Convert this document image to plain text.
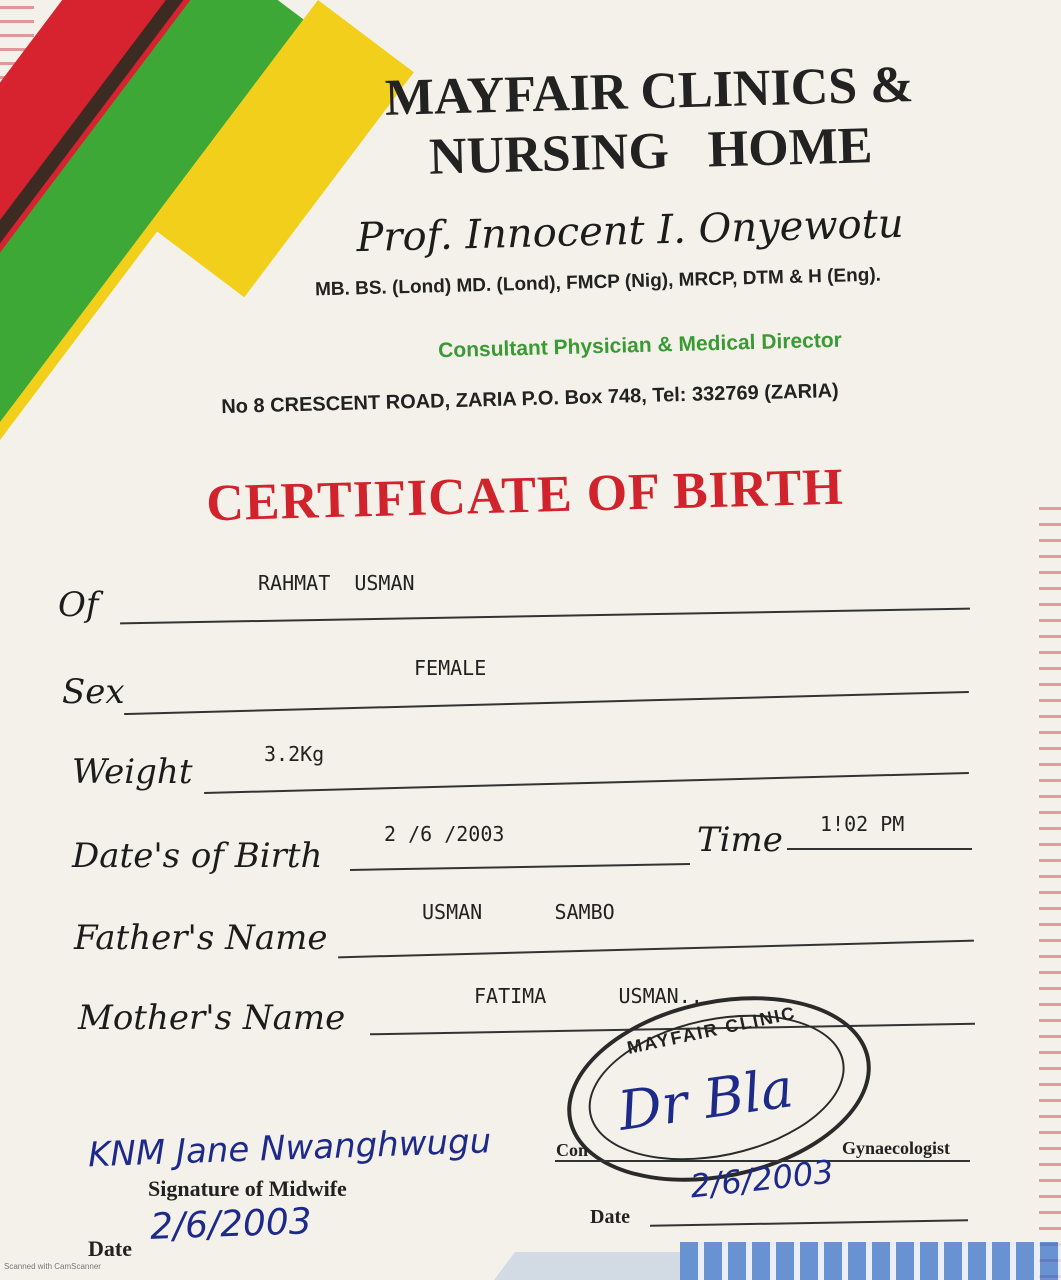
MAYFAIR CLINICS &
NURSING   HOME
Prof. Innocent I. Onyewotu
MB. BS. (Lond) MD. (Lond), FMCP (Nig), MRCP, DTM & H (Eng).
Consultant Physician & Medical Director
No 8 CRESCENT ROAD, ZARIA P.O. Box 748, Tel: 332769 (ZARIA)
CERTIFICATE OF BIRTH
Of
RAHMAT  USMAN
Sex
FEMALE
Weight	3.2Kg
Date's of Birth
2 /6 /2003	Time 1!02 PM
Father's Name
USMAN      SAMBO
Mother's Name
FATIMA      USMAN..
MAYFAIR CLINIC
Dr Bla
Con	Gynaecologist
2/6/2003
Date
KNM Jane Nwanghwugu
Signature of Midwife
2/6/2003
Date
Scanned with CamScanner
